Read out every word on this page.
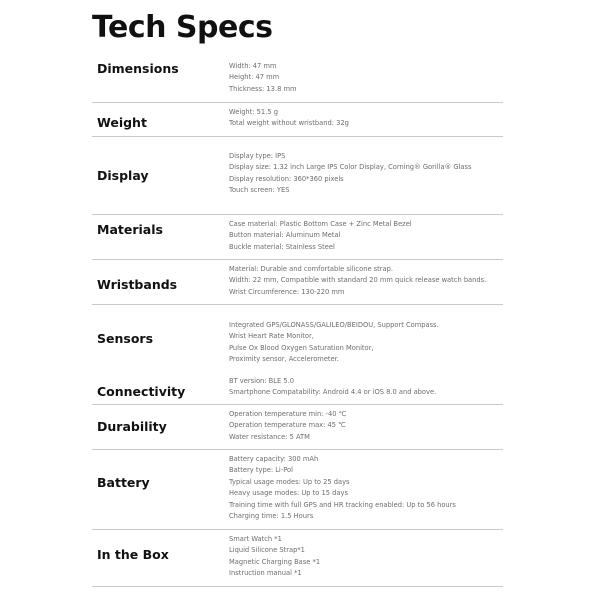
Tech Specs
Dimensions	Width: 47 mm
Height: 47 mm
Thickness: 13.8 mm
Weight
Weight: 51.5 g
Total weight without wristband: 32g
Display
Display type: IPS
Display size: 1.32 inch Large IPS Color Display, Corning® Gorilla® Glass
Display resolution: 360*360 pixels
Touch screen: YES
Materials	Case material: Plastic Bottom Case + Zinc Metal Bezel
Button material: Aluminum Metal
Buckle material: Stainless Steel
Wristbands
Material: Durable and comfortable silicone strap.
Width: 22 mm, Compatible with standard 20 mm quick release watch bands.
Wrist Circumference: 130-220 mm
Sensors
Integrated GPS/GLONASS/GALILEO/BEIDOU, Support Compass.
Wrist Heart Rate Monitor,
Pulse Ox Blood Oxygen Saturation Monitor,
Proximity sensor, Accelerometer.
Connectivity
BT version: BLE 5.0
Smartphone Compatability: Android 4.4 or iOS 8.0 and above.
Durability
Operation temperature min: -40 ℃
Operation temperature max: 45 ℃
Water resistance: 5 ATM
Battery
Battery capacity: 300 mAh
Battery type: Li-Pol
Typical usage modes: Up to 25 days
Heavy usage modes: Up to 15 days
Training time with full GPS and HR tracking enabled: Up to 56 hours
Charging time: 1.5 Hours
In the Box
Smart Watch *1
Liquid Silicone Strap*1
Magnetic Charging Base *1
Instruction manual *1
